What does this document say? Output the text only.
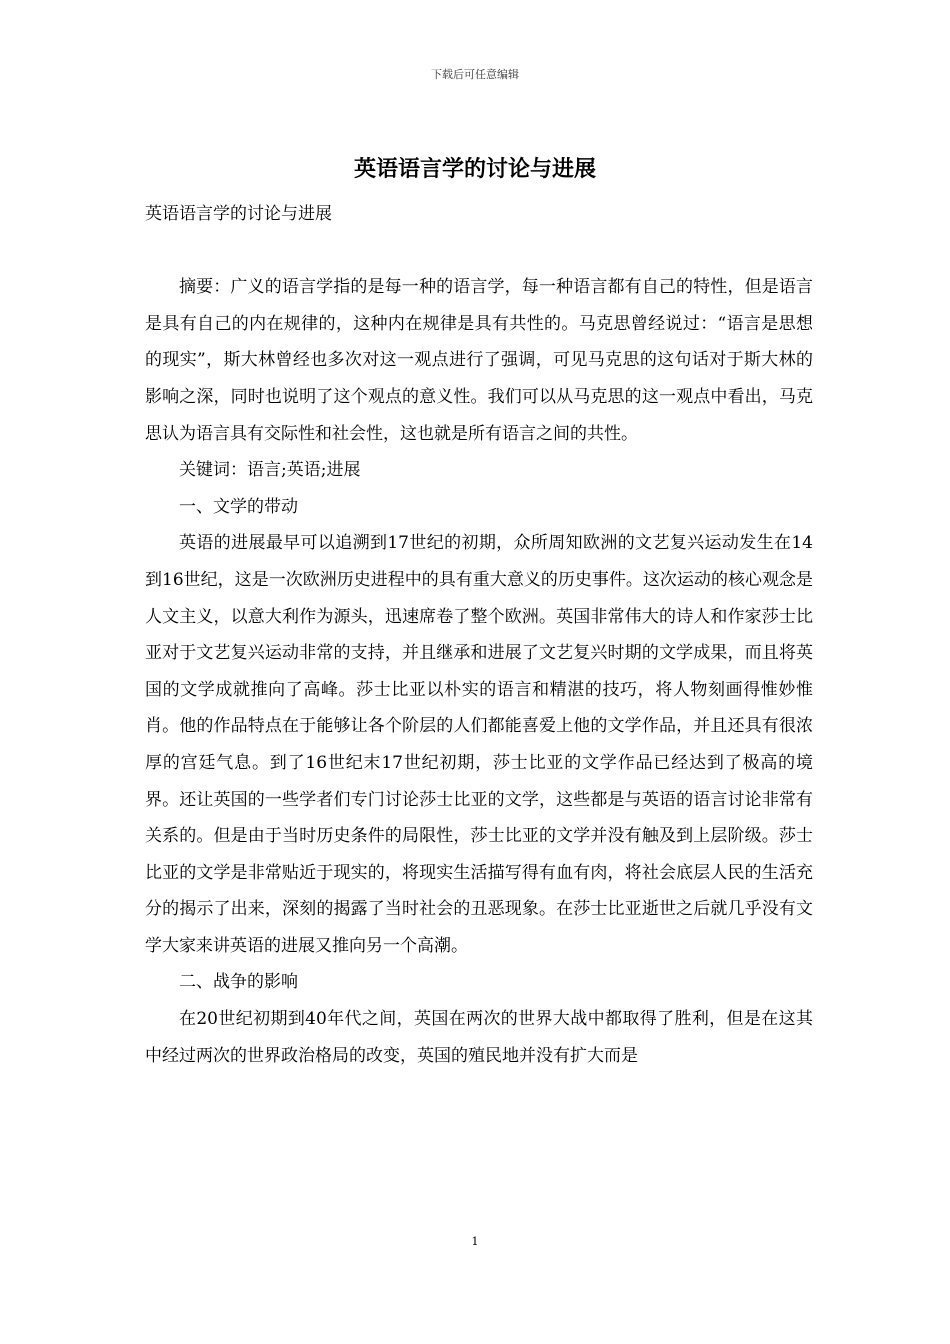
下载后可任意编辑
英语语言学的讨论与进展

英语语言学的讨论与进展

摘要：广义的语言学指的是每一种的语言学，每一种语言都有自己的特性，但是语言是具有自己的内在规律的，这种内在规律是具有共性的。马克思曾经说过：“语言是思想的现实”，斯大林曾经也多次对这一观点进行了强调，可见马克思的这句话对于斯大林的影响之深，同时也说明了这个观点的意义性。我们可以从马克思的这一观点中看出，马克思认为语言具有交际性和社会性，这也就是所有语言之间的共性。

关键词：语言;英语;进展

一、文学的带动

英语的进展最早可以追溯到17世纪的初期，众所周知欧洲的文艺复兴运动发生在14到16世纪，这是一次欧洲历史进程中的具有重大意义的历史事件。这次运动的核心观念是人文主义，以意大利作为源头，迅速席卷了整个欧洲。英国非常伟大的诗人和作家莎士比亚对于文艺复兴运动非常的支持，并且继承和进展了文艺复兴时期的文学成果，而且将英国的文学成就推向了高峰。莎士比亚以朴实的语言和精湛的技巧，将人物刻画得惟妙惟肖。他的作品特点在于能够让各个阶层的人们都能喜爱上他的文学作品，并且还具有很浓厚的宫廷气息。到了16世纪末17世纪初期，莎士比亚的文学作品已经达到了极高的境界。还让英国的一些学者们专门讨论莎士比亚的文学，这些都是与英语的语言讨论非常有关系的。但是由于当时历史条件的局限性，莎士比亚的文学并没有触及到上层阶级。莎士比亚的文学是非常贴近于现实的，将现实生活描写得有血有肉，将社会底层人民的生活充分的揭示了出来，深刻的揭露了当时社会的丑恶现象。在莎士比亚逝世之后就几乎没有文学大家来讲英语的进展又推向另一个高潮。

二、战争的影响

在20世纪初期到40年代之间，英国在两次的世界大战中都取得了胜利，但是在这其中经过两次的世界政治格局的改变，英国的殖民地并没有扩大而是

1
